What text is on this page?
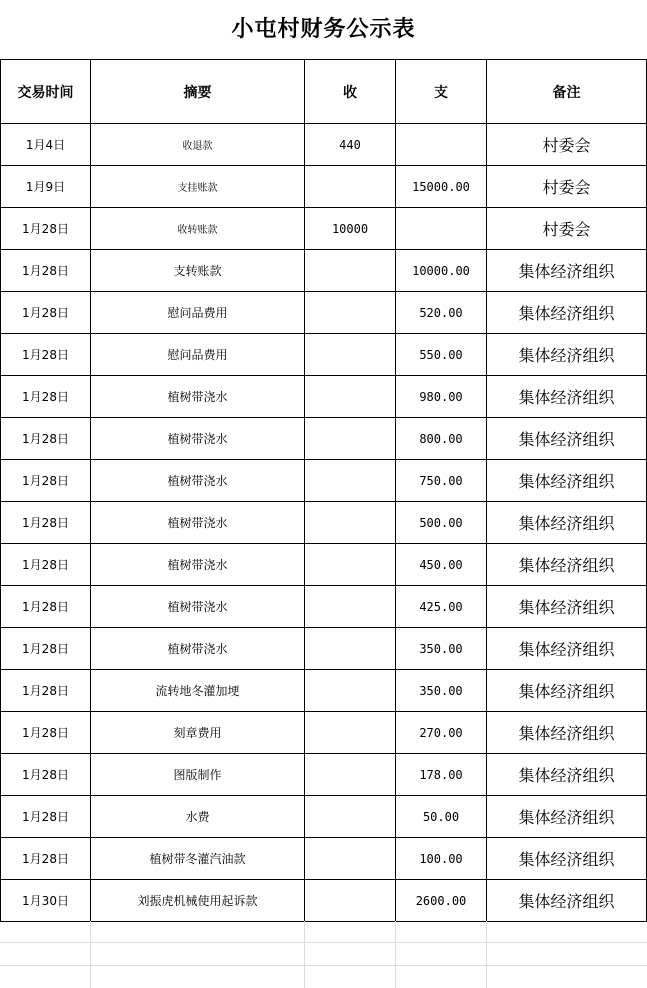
小屯村财务公示表
交易时间	摘要	收	支	备注
1月4日	收退款	440		村委会
1月9日	支挂账款		15000.00	村委会
1月28日	收转账款	10000		村委会
1月28日	支转账款		10000.00	集体经济组织
1月28日	慰问品费用		520.00	集体经济组织
1月28日	慰问品费用		550.00	集体经济组织
1月28日	植树带浇水		980.00	集体经济组织
1月28日	植树带浇水		800.00	集体经济组织
1月28日	植树带浇水		750.00	集体经济组织
1月28日	植树带浇水		500.00	集体经济组织
1月28日	植树带浇水		450.00	集体经济组织
1月28日	植树带浇水		425.00	集体经济组织
1月28日	植树带浇水		350.00	集体经济组织
1月28日	流转地冬灌加埂		350.00	集体经济组织
1月28日	刻章费用		270.00	集体经济组织
1月28日	图版制作		178.00	集体经济组织
1月28日	水费		50.00	集体经济组织
1月28日	植树带冬灌汽油款		100.00	集体经济组织
1月30日	刘振虎机械使用起诉款		2600.00	集体经济组织
